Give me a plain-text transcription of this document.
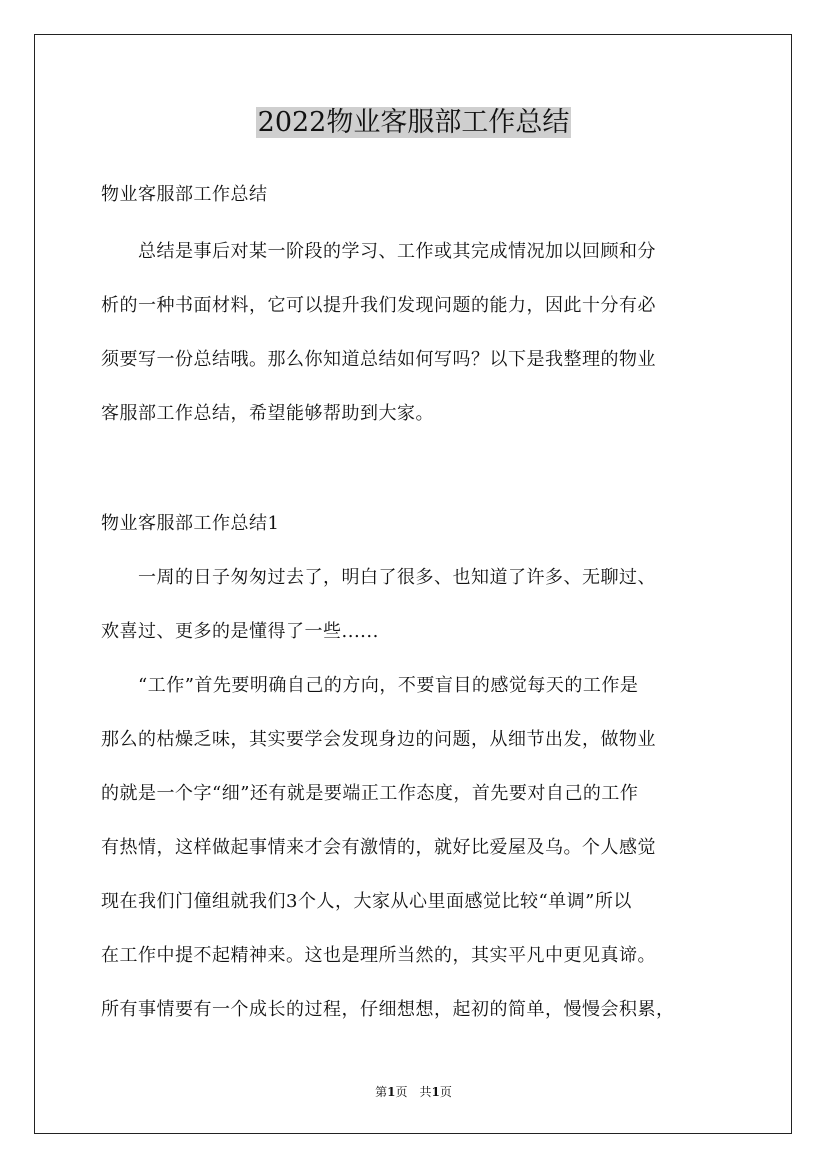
2022物业客服部工作总结
物业客服部工作总结
　　总结是事后对某一阶段的学习、工作或其完成情况加以回顾和分
析的一种书面材料，它可以提升我们发现问题的能力，因此十分有必
须要写一份总结哦。那么你知道总结如何写吗？以下是我整理的物业
客服部工作总结，希望能够帮助到大家。
物业客服部工作总结1
　　一周的日子匆匆过去了，明白了很多、也知道了许多、无聊过、
欢喜过、更多的是懂得了一些......
　　“工作”首先要明确自己的方向，不要盲目的感觉每天的工作是
那么的枯燥乏味，其实要学会发现身边的问题，从细节出发，做物业
的就是一个字“细”还有就是要端正工作态度，首先要对自己的工作
有热情，这样做起事情来才会有激情的，就好比爱屋及乌。个人感觉
现在我们门僮组就我们3个人，大家从心里面感觉比较“单调”所以
在工作中提不起精神来。这也是理所当然的，其实平凡中更见真谛。
所有事情要有一个成长的过程，仔细想想，起初的简单，慢慢会积累，
第1页　共1页
